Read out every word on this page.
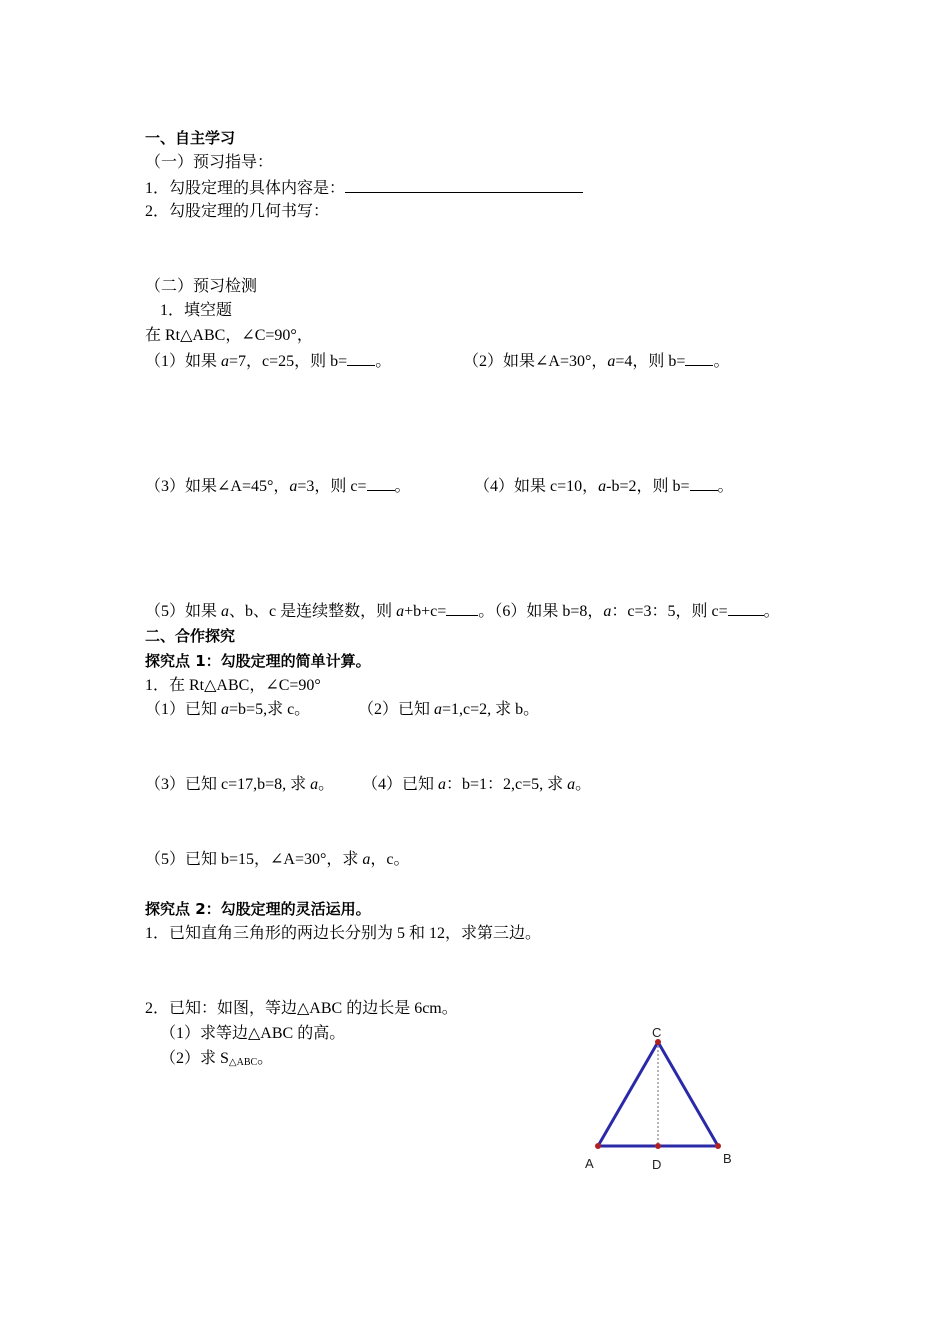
一、自主学习
（一）预习指导：
1．勾股定理的具体内容是：
2．勾股定理的几何书写：
（二）预习检测
1．填空题
在 Rt△ABC，∠C=90°，
（1）如果 a=7，c=25，则 b= 。	（2）如果∠A=30°，a=4，则 b= 。
（3）如果∠A=45°，a=3，则 c= 。	（4）如果 c=10，a-b=2，则 b= 。
（5）如果 a、b、c 是连续整数，则 a+b+c= 。（6）如果 b=8，a：c=3：5，则 c= 。
二、合作探究
探究点 1：勾股定理的简单计算。
1．在 Rt△ABC，∠C=90°
（1）已知 a=b=5,求 c。	（2）已知 a=1,c=2, 求 b。
（3）已知 c=17,b=8, 求 a。 （4）已知 a：b=1：2,c=5, 求 a。
（5）已知 b=15，∠A=30°，求 a，c。
探究点 2：勾股定理的灵活运用。
1．已知直角三角形的两边长分别为 5 和 12，求第三边。
2．已知：如图，等边△ABC 的边长是 6cm。
（1）求等边△ABC 的高。
（2）求 $S_{\triangle ABC}$。
C
A	D	B
